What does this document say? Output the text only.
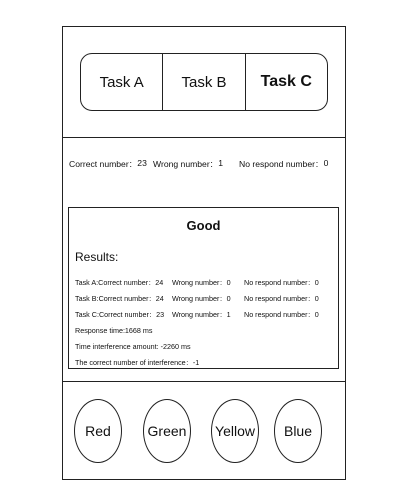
Task A	Task B	Task C
Correct number： 23 Wrong number： 1 No respond number： 0
Good
Results:
Task A:Correct number：24	Wrong number：0	No respond number：0
Task B:Correct number：24	Wrong number：0	No respond number：0
Task C:Correct number：23	Wrong number：1	No respond number：0
Response time:1668 ms
Time interference amount: -2260 ms
The correct number of interference：-1
Red	Green	Yellow	Blue
